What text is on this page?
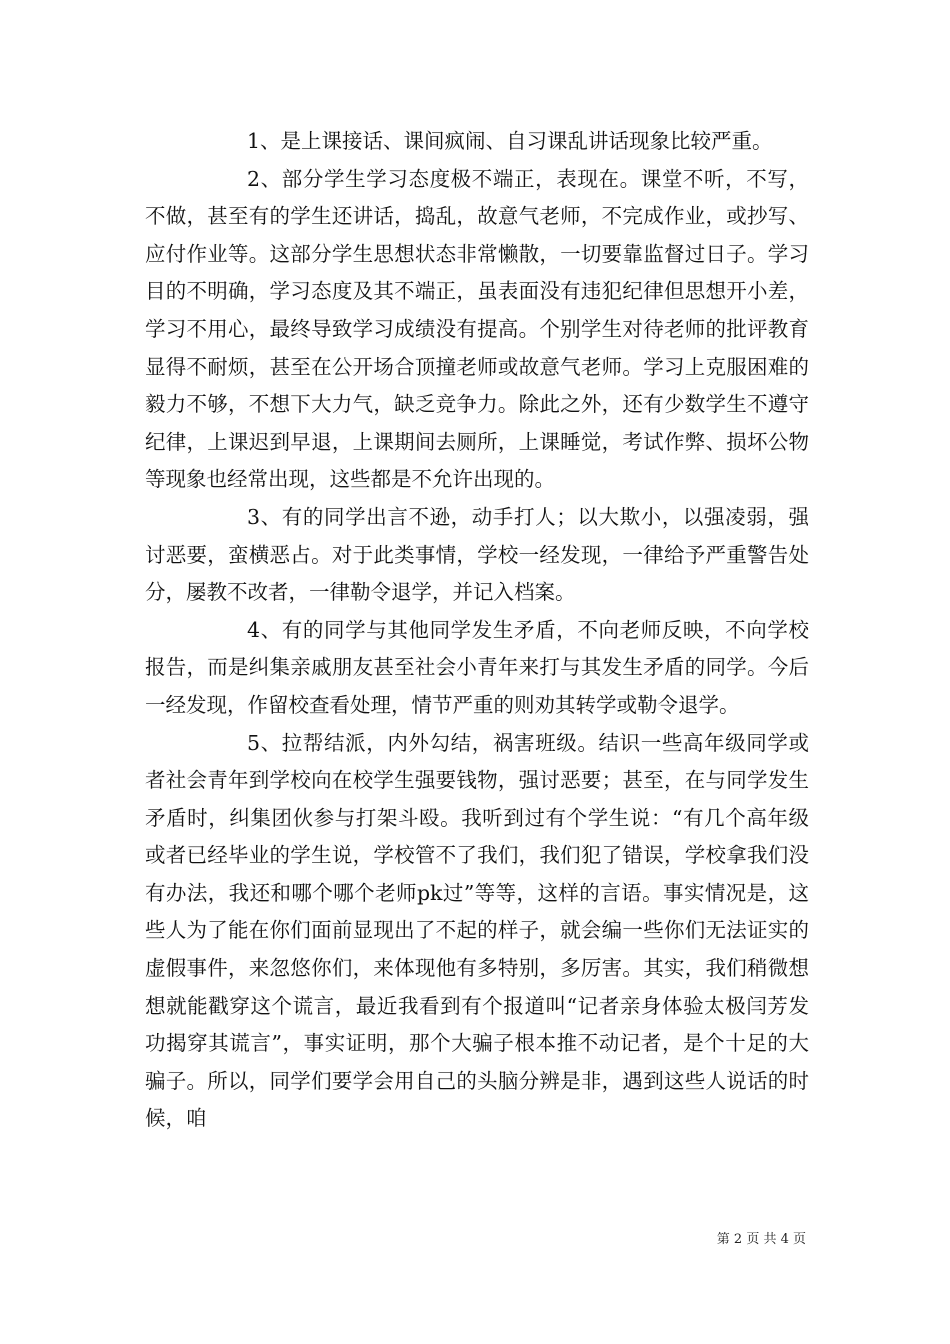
1、是上课接话、课间疯闹、自习课乱讲话现象比较严重。

2、部分学生学习态度极不端正，表现在。课堂不听，不写，不做，甚至有的学生还讲话，捣乱，故意气老师，不完成作业，或抄写、应付作业等。这部分学生思想状态非常懒散，一切要靠监督过日子。学习目的不明确，学习态度及其不端正，虽表面没有违犯纪律但思想开小差，学习不用心，最终导致学习成绩没有提高。个别学生对待老师的批评教育显得不耐烦，甚至在公开场合顶撞老师或故意气老师。学习上克服困难的毅力不够，不想下大力气，缺乏竞争力。除此之外，还有少数学生不遵守纪律，上课迟到早退，上课期间去厕所，上课睡觉，考试作弊、损坏公物等现象也经常出现，这些都是不允许出现的。

3、有的同学出言不逊，动手打人；以大欺小，以强凌弱，强讨恶要，蛮横恶占。对于此类事情，学校一经发现，一律给予严重警告处分，屡教不改者，一律勒令退学，并记入档案。

4、有的同学与其他同学发生矛盾，不向老师反映，不向学校报告，而是纠集亲戚朋友甚至社会小青年来打与其发生矛盾的同学。今后一经发现，作留校查看处理，情节严重的则劝其转学或勒令退学。

5、拉帮结派，内外勾结，祸害班级。结识一些高年级同学或者社会青年到学校向在校学生强要钱物，强讨恶要；甚至，在与同学发生矛盾时，纠集团伙参与打架斗殴。我听到过有个学生说：“有几个高年级或者已经毕业的学生说，学校管不了我们，我们犯了错误，学校拿我们没有办法，我还和哪个哪个老师pk过”等等，这样的言语。事实情况是，这些人为了能在你们面前显现出了不起的样子，就会编一些你们无法证实的虚假事件，来忽悠你们，来体现他有多特别，多厉害。其实，我们稍微想想就能戳穿这个谎言，最近我看到有个报道叫“记者亲身体验太极闫芳发功揭穿其谎言”，事实证明，那个大骗子根本推不动记者，是个十足的大骗子。所以，同学们要学会用自己的头脑分辨是非，遇到这些人说话的时候，咱

第 2 页 共 4 页
